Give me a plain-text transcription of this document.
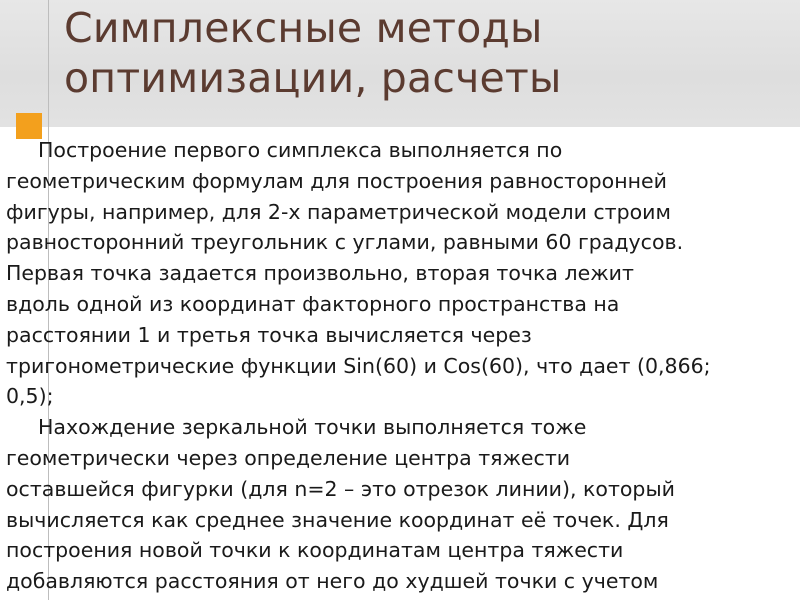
Симплексные методы
оптимизации, расчеты
Построение первого симплекса выполняется по
геометрическим формулам для построения равносторонней
фигуры, например, для 2-х параметрической модели строим
равносторонний треугольник с углами, равными 60 градусов.
Первая точка задается произвольно, вторая точка лежит
вдоль одной из координат факторного пространства на
расстоянии 1 и третья точка вычисляется через
тригонометрические функции Sin(60) и Cos(60), что дает (0,866;
0,5);
Нахождение зеркальной точки выполняется тоже
геометрически через определение центра тяжести
оставшейся фигурки (для n=2 – это отрезок линии), который
вычисляется как среднее значение координат её точек. Для
построения новой точки к координатам центра тяжести
добавляются расстояния от него до худшей точки с учетом
